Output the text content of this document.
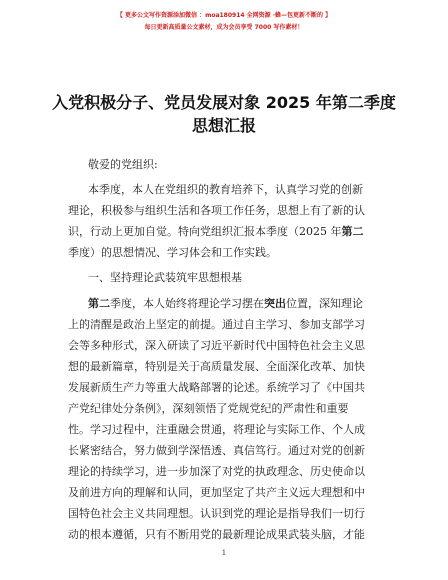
【 更多公文写作资源添加微信 ：moa180914 全网资源 ·蜂—包更新不断的 】
每日更新高质量公文素材，成为会员享受 7000 写作素材！
入党积极分子、党员发展对象 2025 年第二季度
思想汇报
敬爱的党组织:
本季度，本人在党组织的教育培养下，认真学习党的创新
理论，积极参与组织生活和各项工作任务，思想上有了新的认
识，行动上更加自觉。特向党组织汇报本季度（2025 年第二
季度）的思想情况、学习体会和工作实践。
一、坚持理论武装筑牢思想根基
第二季度，本人始终将理论学习摆在突出位置，深知理论
上的清醒是政治上坚定的前提。通过自主学习、参加支部学习
会等多种形式，深入研读了习近平新时代中国特色社会主义思
想的最新篇章，特别是关于高质量发展、全面深化改革、加快
发展新质生产力等重大战略部署的论述。系统学习了《中国共
产党纪律处分条例》，深刻领悟了党规党纪的严肃性和重要
性。学习过程中，注重融会贯通，将理论与实际工作、个人成
长紧密结合，努力做到学深悟透、真信笃行。通过对党的创新
理论的持续学习，进一步加深了对党的执政理念、历史使命以
及前进方向的理解和认同，更加坚定了共产主义远大理想和中
国特色社会主义共同理想。认识到党的理论是指导我们一切行
动的根本遵循，只有不断用党的最新理论成果武装头脑，才能
1
